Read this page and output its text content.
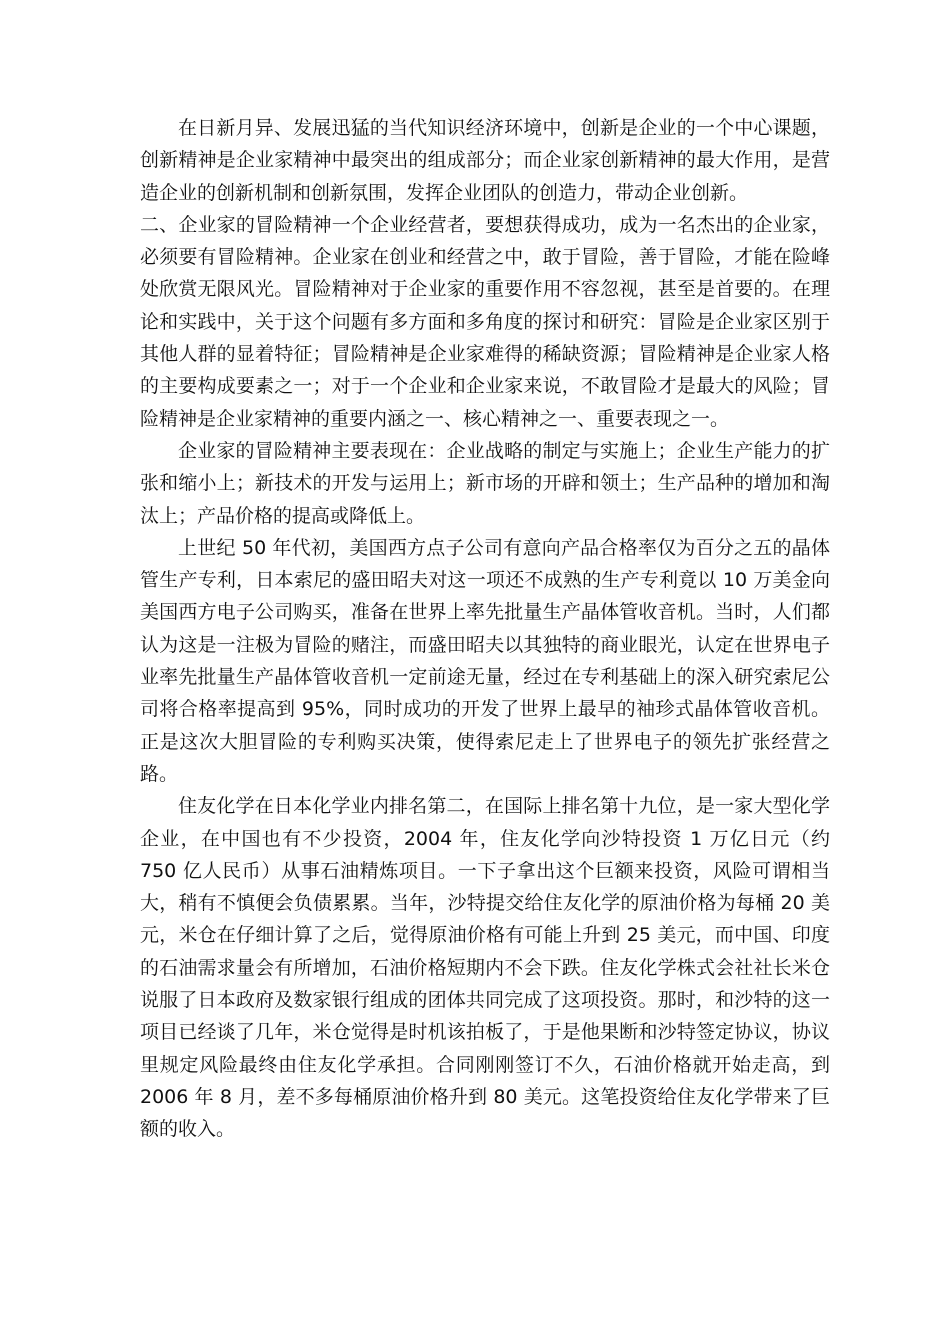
在日新月异、发展迅猛的当代知识经济环境中，创新是企业的一个中心课题，创新精神是企业家精神中最突出的组成部分；而企业家创新精神的最大作用，是营造企业的创新机制和创新氛围，发挥企业团队的创造力，带动企业创新。

二、企业家的冒险精神一个企业经营者，要想获得成功，成为一名杰出的企业家，必须要有冒险精神。企业家在创业和经营之中，敢于冒险，善于冒险，才能在险峰处欣赏无限风光。冒险精神对于企业家的重要作用不容忽视，甚至是首要的。在理论和实践中，关于这个问题有多方面和多角度的探讨和研究：冒险是企业家区别于其他人群的显着特征；冒险精神是企业家难得的稀缺资源；冒险精神是企业家人格的主要构成要素之一；对于一个企业和企业家来说，不敢冒险才是最大的风险；冒险精神是企业家精神的重要内涵之一、核心精神之一、重要表现之一。

企业家的冒险精神主要表现在：企业战略的制定与实施上；企业生产能力的扩张和缩小上；新技术的开发与运用上；新市场的开辟和领土；生产品种的增加和淘汰上；产品价格的提高或降低上。

上世纪 50 年代初，美国西方点子公司有意向产品合格率仅为百分之五的晶体管生产专利，日本索尼的盛田昭夫对这一项还不成熟的生产专利竟以 10 万美金向美国西方电子公司购买，准备在世界上率先批量生产晶体管收音机。当时，人们都认为这是一注极为冒险的赌注，而盛田昭夫以其独特的商业眼光，认定在世界电子业率先批量生产晶体管收音机一定前途无量，经过在专利基础上的深入研究索尼公司将合格率提高到 95%，同时成功的开发了世界上最早的袖珍式晶体管收音机。正是这次大胆冒险的专利购买决策，使得索尼走上了世界电子的领先扩张经营之路。

住友化学在日本化学业内排名第二，在国际上排名第十九位，是一家大型化学企业，在中国也有不少投资，2004 年，住友化学向沙特投资 1 万亿日元（约 750 亿人民币）从事石油精炼项目。一下子拿出这个巨额来投资，风险可谓相当大，稍有不慎便会负债累累。当年，沙特提交给住友化学的原油价格为每桶 20 美元，米仓在仔细计算了之后，觉得原油价格有可能上升到 25 美元，而中国、印度的石油需求量会有所增加，石油价格短期内不会下跌。住友化学株式会社社长米仓说服了日本政府及数家银行组成的团体共同完成了这项投资。那时，和沙特的这一项目已经谈了几年，米仓觉得是时机该拍板了，于是他果断和沙特签定协议，协议里规定风险最终由住友化学承担。合同刚刚签订不久，石油价格就开始走高，到 2006 年 8 月，差不多每桶原油价格升到 80 美元。这笔投资给住友化学带来了巨额的收入。
